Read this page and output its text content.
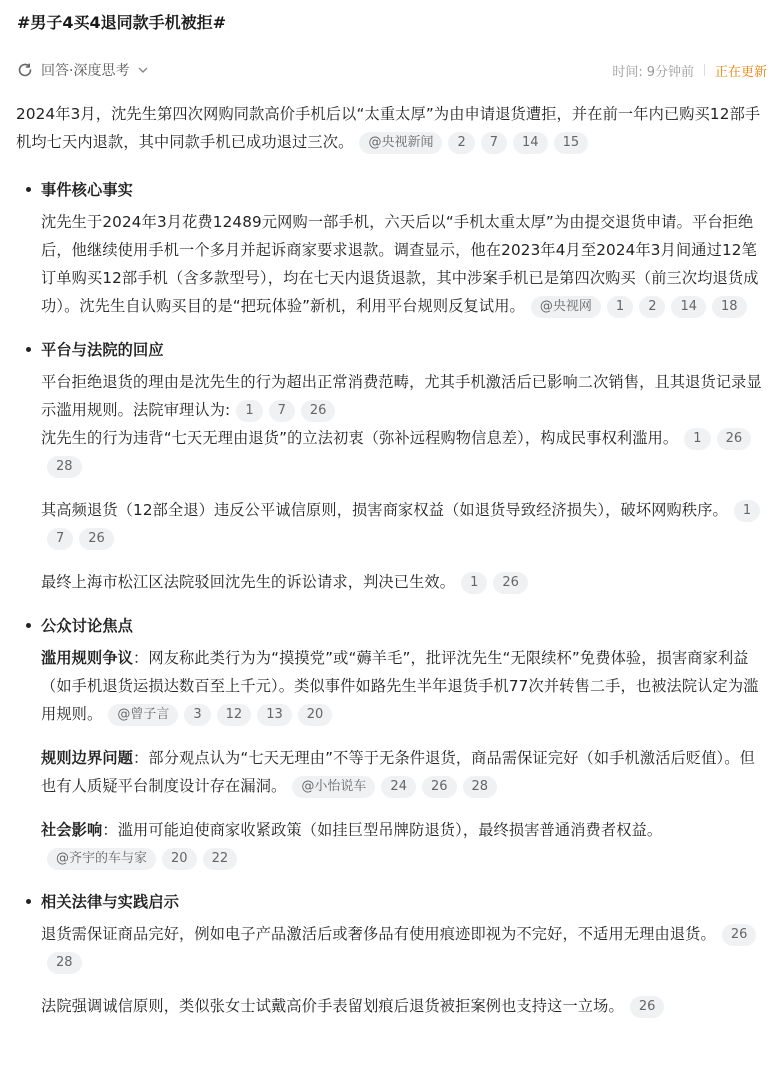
#男子4买4退同款手机被拒#
回答·深度思考	时间: 9分钟前 正在更新

2024年3月，沈先生第四次网购同款高价手机后以“太重太厚”为由申请退货遭拒，并在前一年内已购买12部手机均七天内退款，其中同款手机已成功退过三次。 @央视新闻 2 7 14 15

事件核心事实

沈先生于2024年3月花费12489元网购一部手机，六天后以“手机太重太厚”为由提交退货申请。平台拒绝后，他继续使用手机一个多月并起诉商家要求退款。调查显示，他在2023年4月至2024年3月间通过12笔订单购买12部手机（含多款型号），均在七天内退货退款，其中涉案手机已是第四次购买（前三次均退货成功）。沈先生自认购买目的是“把玩体验”新机，利用平台规则反复试用。 @央视网 1 2 14 18

平台与法院的回应

平台拒绝退货的理由是沈先生的行为超出正常消费范畴，尤其手机激活后已影响二次销售，且其退货记录显示滥用规则。法院审理认为: 1 7 26

沈先生的行为违背“七天无理由退货”的立法初衷（弥补远程购物信息差），构成民事权利滥用。 1 2628

其高频退货（12部全退）违反公平诚信原则，损害商家权益（如退货导致经济损失），破坏网购秩序。 17 26

最终上海市松江区法院驳回沈先生的诉讼请求，判决已生效。 1 26

公众讨论焦点

滥用规则争议：网友称此类行为为“摸摸党”或“薅羊毛”，批评沈先生“无限续杯”免费体验，损害商家利益（如手机退货运损达数百至上千元）。类似事件如路先生半年退货手机77次并转售二手，也被法院认定为滥用规则。 @曾子言 3 12 13 20

规则边界问题：部分观点认为“七天无理由”不等于无条件退货，商品需保证完好（如手机激活后贬值）。但也有人质疑平台制度设计存在漏洞。 @小怡说车 24 26 28

社会影响：滥用可能迫使商家收紧政策（如挂巨型吊牌防退货），最终损害普通消费者权益。@齐宇的车与家 20 22

相关法律与实践启示

退货需保证商品完好，例如电子产品激活后或奢侈品有使用痕迹即视为不完好，不适用无理由退货。 2628

法院强调诚信原则，类似张女士试戴高价手表留划痕后退货被拒案例也支持这一立场。 26
